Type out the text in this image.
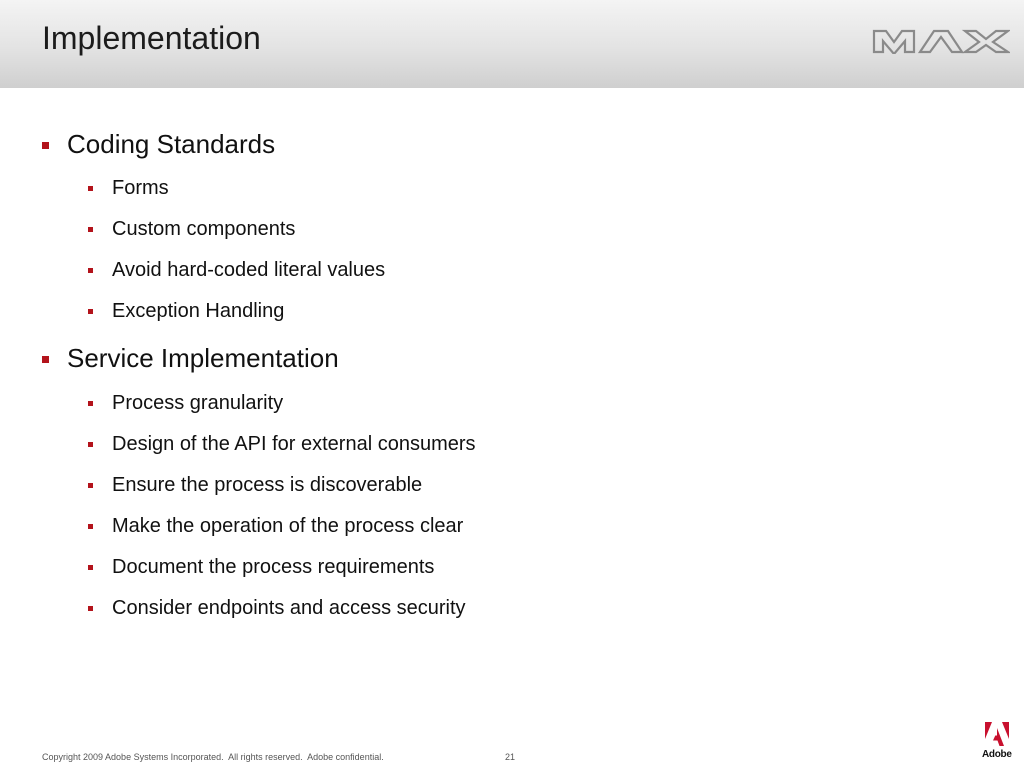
Implementation
Coding Standards
Forms
Custom components
Avoid hard-coded literal values
Exception Handling
Service Implementation
Process granularity
Design of the API for external consumers
Ensure the process is discoverable
Make the operation of the process clear
Document the process requirements
Consider endpoints and access security
Copyright 2009 Adobe Systems Incorporated.  All rights reserved.  Adobe confidential.	21	Adobe
